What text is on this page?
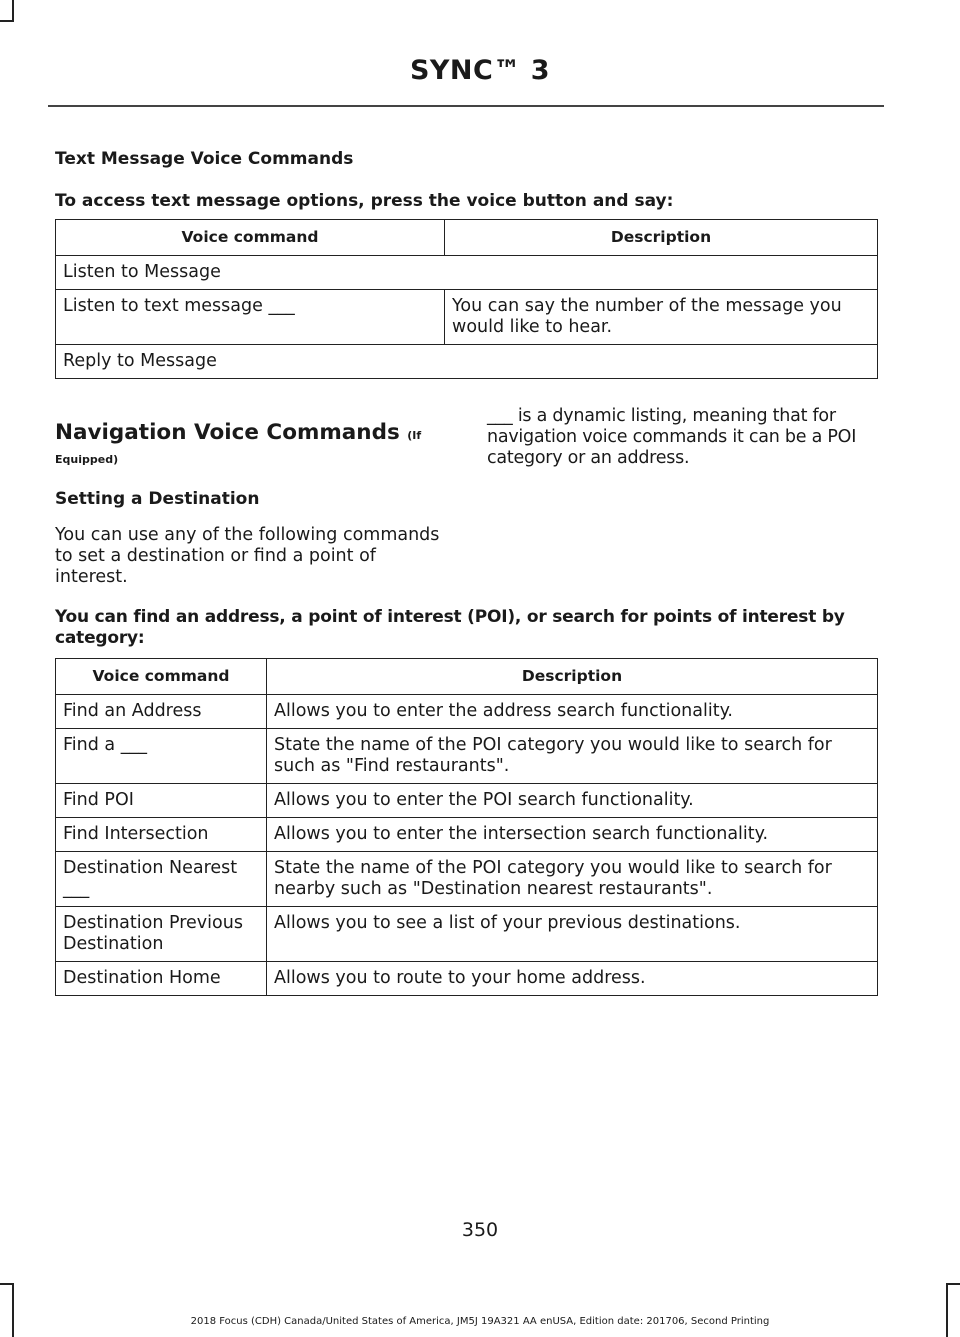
SYNC™ 3
Text Message Voice Commands
To access text message options, press the voice button and say:
Voice command	Description
Listen to Message	
Listen to text message ___	You can say the number of the message you would like to hear.
Reply to Message	
Navigation Voice Commands (If
Equipped)
Setting a Destination
You can use any of the following commands to set a destination or find a point of interest.
___ is a dynamic listing, meaning that for navigation voice commands it can be a POI category or an address.
You can find an address, a point of interest (POI), or search for points of interest by category:
Voice command	Description
Find an Address	Allows you to enter the address search functionality.
Find a ___	State the name of the POI category you would like to search for such as "Find restaurants".
Find POI	Allows you to enter the POI search functionality.
Find Intersection	Allows you to enter the intersection search functionality.
Destination Nearest ___	State the name of the POI category you would like to search for nearby such as "Destination nearest restaurants".
Destination Previous Destination	Allows you to see a list of your previous destinations.
Destination Home	Allows you to route to your home address.
350
2018 Focus (CDH) Canada/United States of America, JM5J 19A321 AA enUSA, Edition date: 201706, Second Printing
